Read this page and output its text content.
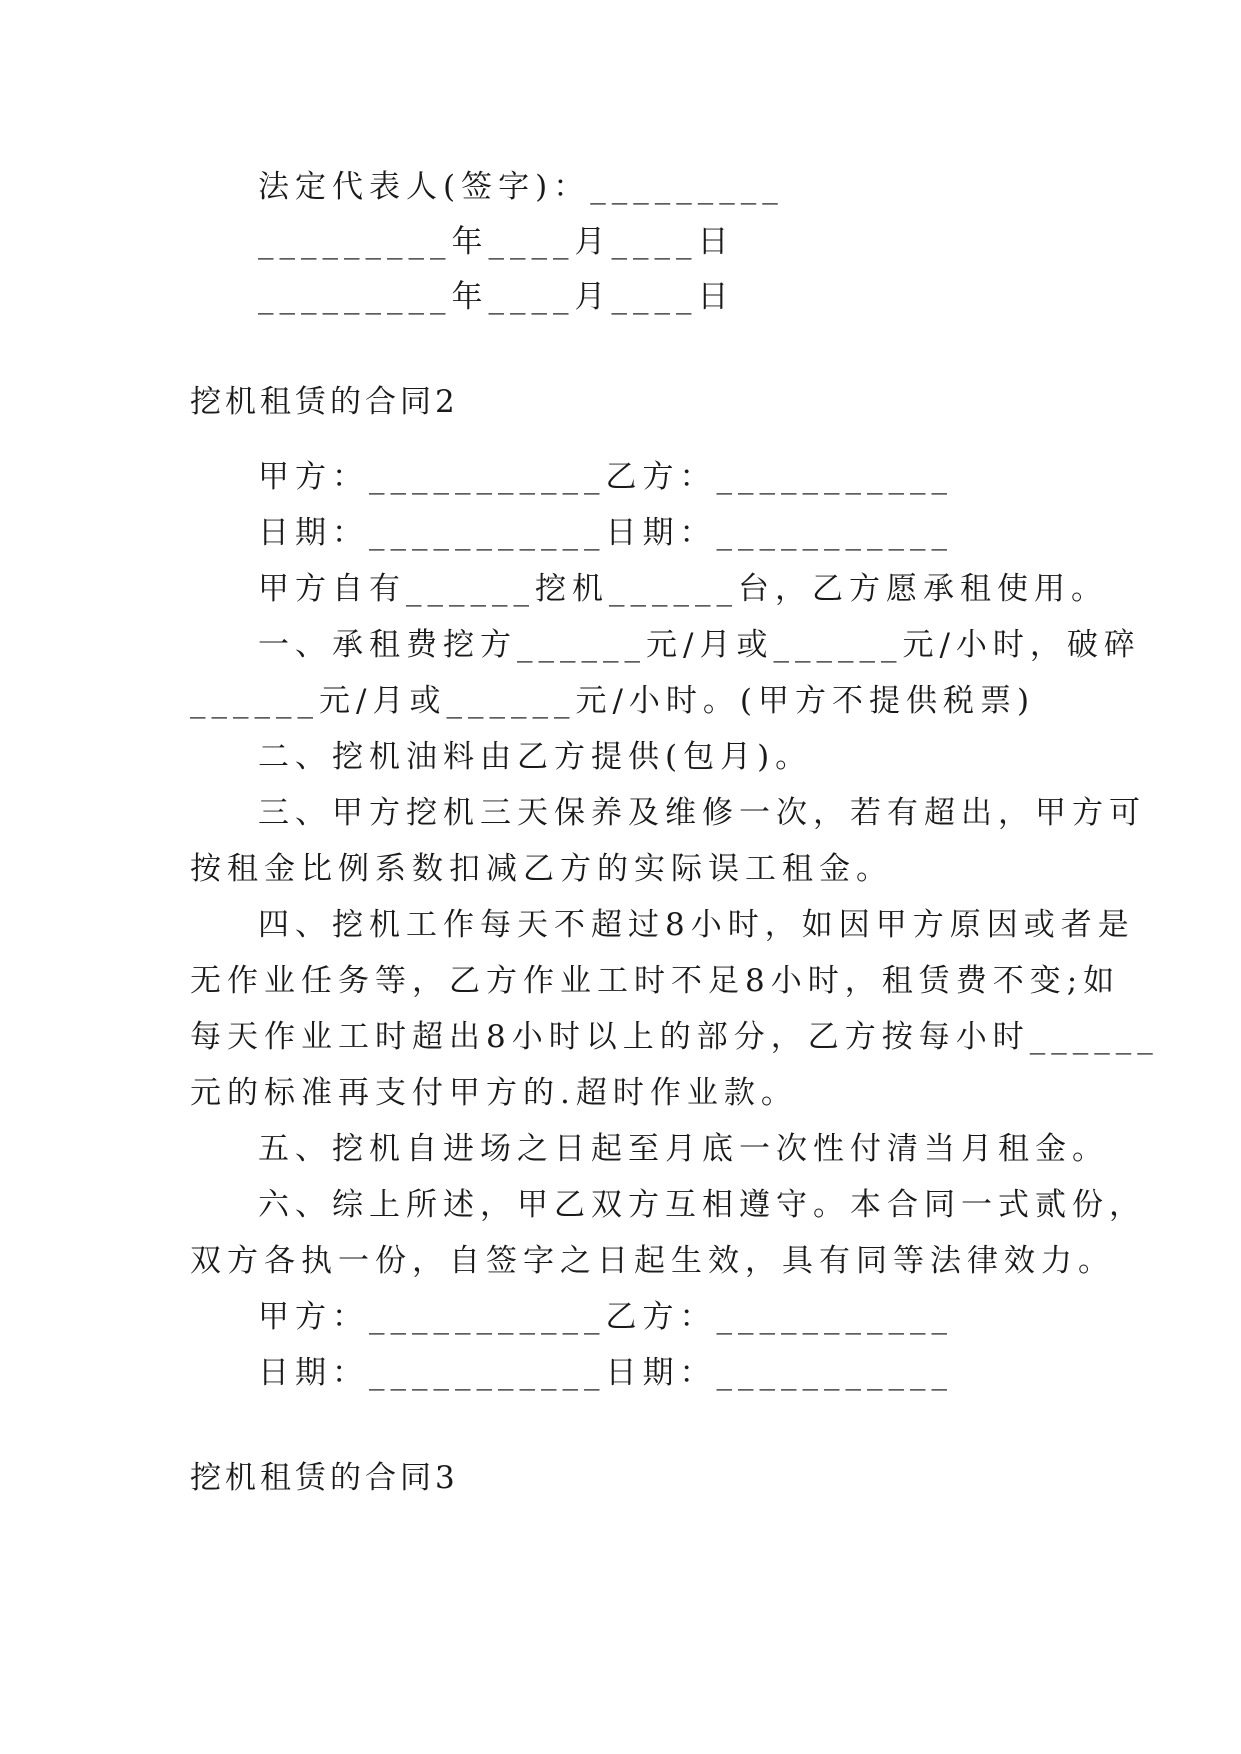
法定代表人(签字)：_________
_________年____月____日
_________年____月____日
挖机租赁的合同2
甲方：___________乙方：___________
日期：___________日期：___________
甲方自有______挖机______台，乙方愿承租使用。
一、承租费挖方______元/月或______元/小时，破碎
______元/月或______元/小时。(甲方不提供税票)
二、挖机油料由乙方提供(包月)。
三、甲方挖机三天保养及维修一次，若有超出，甲方可
按租金比例系数扣减乙方的实际误工租金。
四、挖机工作每天不超过8小时，如因甲方原因或者是
无作业任务等，乙方作业工时不足8小时，租赁费不变;如
每天作业工时超出8小时以上的部分，乙方按每小时______
元的标准再支付甲方的.超时作业款。
五、挖机自进场之日起至月底一次性付清当月租金。
六、综上所述，甲乙双方互相遵守。本合同一式贰份，
双方各执一份，自签字之日起生效，具有同等法律效力。
甲方：___________乙方：___________
日期：___________日期：___________
挖机租赁的合同3
